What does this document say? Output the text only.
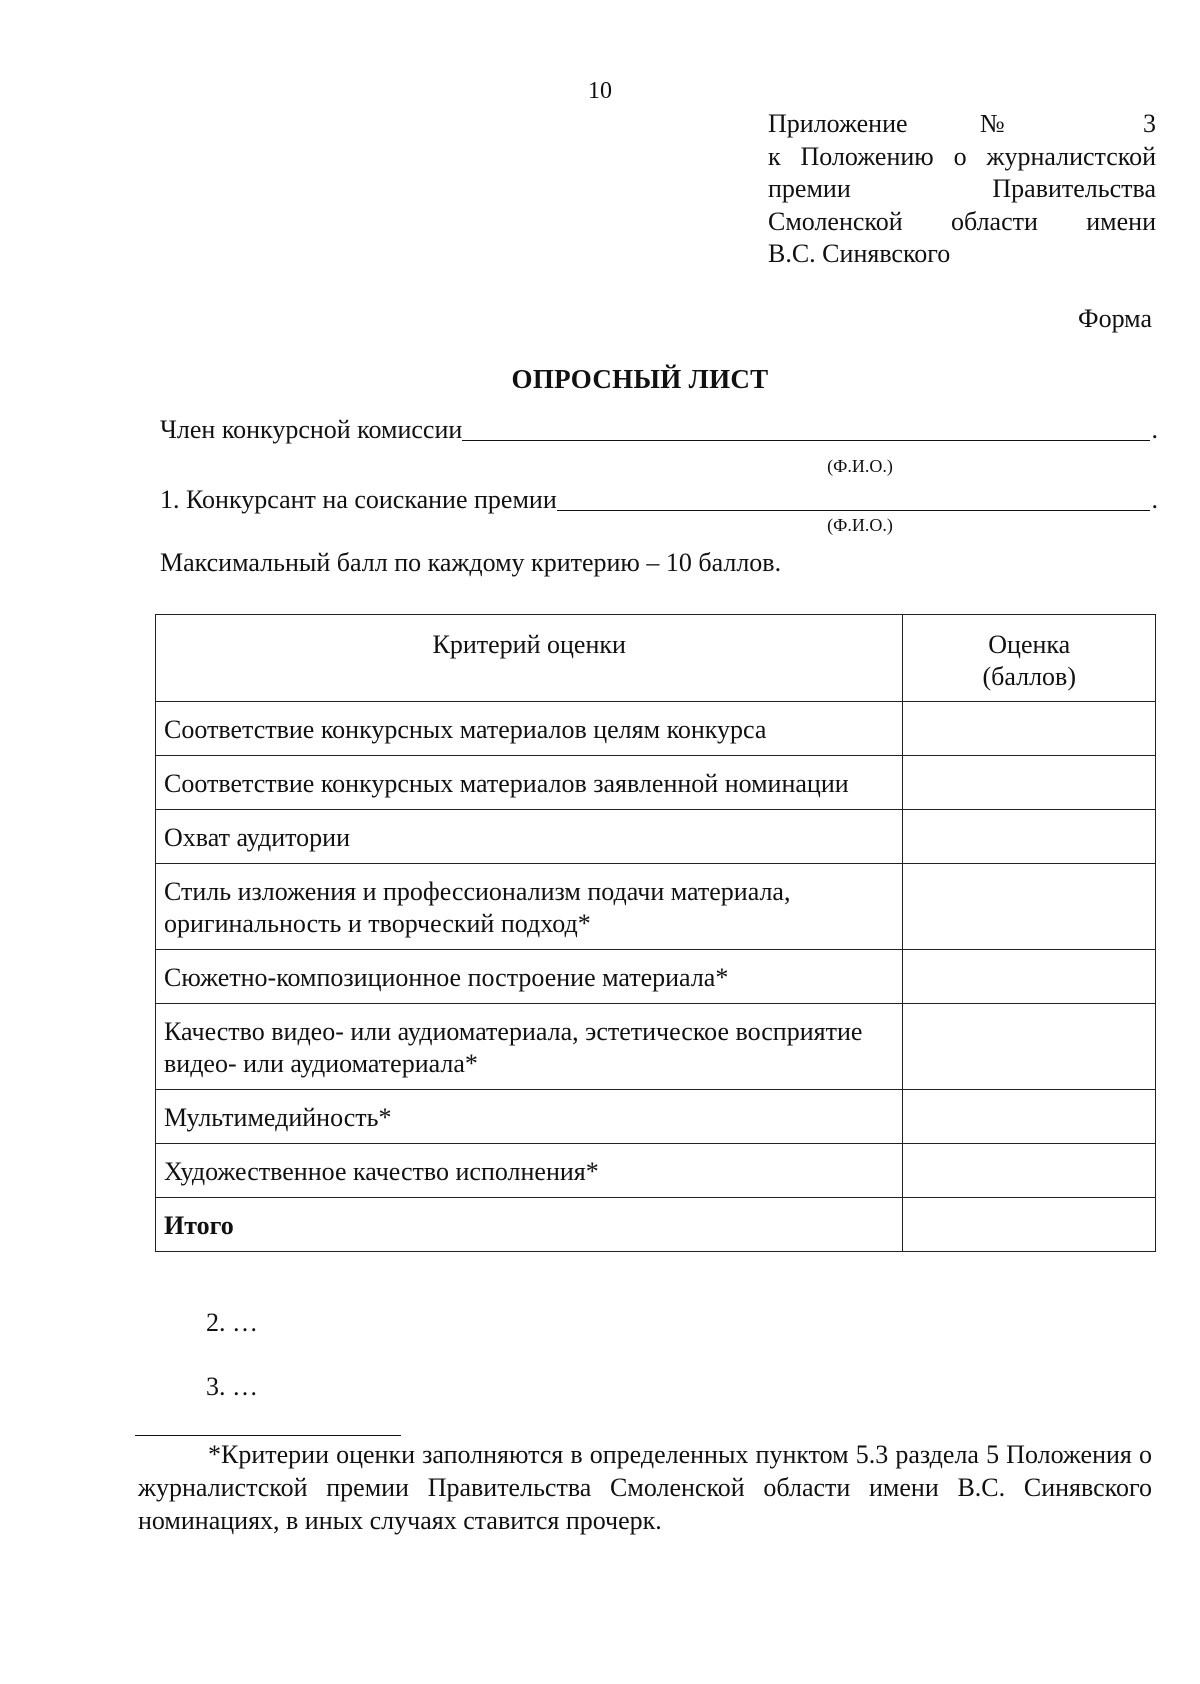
10
Приложение № 3
к Положению о журналистской
премии Правительства
Смоленской области имени
В.С. Синявского
Форма
ОПРОСНЫЙ ЛИСТ
Член конкурсной комиссии	.
(Ф.И.О.)
1. Конкурсант на соискание премии	.
(Ф.И.О.)
Максимальный балл по каждому критерию – 10 баллов.
Критерий оценки	Оценка
(баллов)
Соответствие конкурсных материалов целям конкурса	
Соответствие конкурсных материалов заявленной номинации	
Охват аудитории	
Стиль изложения и профессионализм подачи материала, оригинальность и творческий подход*	
Сюжетно-композиционное построение материала*	
Качество видео- или аудиоматериала, эстетическое восприятие видео- или аудиоматериала*	
Мультимедийность*	
Художественное качество исполнения*	
Итого	
2. …
3. …
*Критерии оценки заполняются в определенных пунктом 5.3 раздела 5 Положения о журналистской премии Правительства Смоленской области имени В.С. Синявского номинациях, в иных случаях ставится прочерк.
